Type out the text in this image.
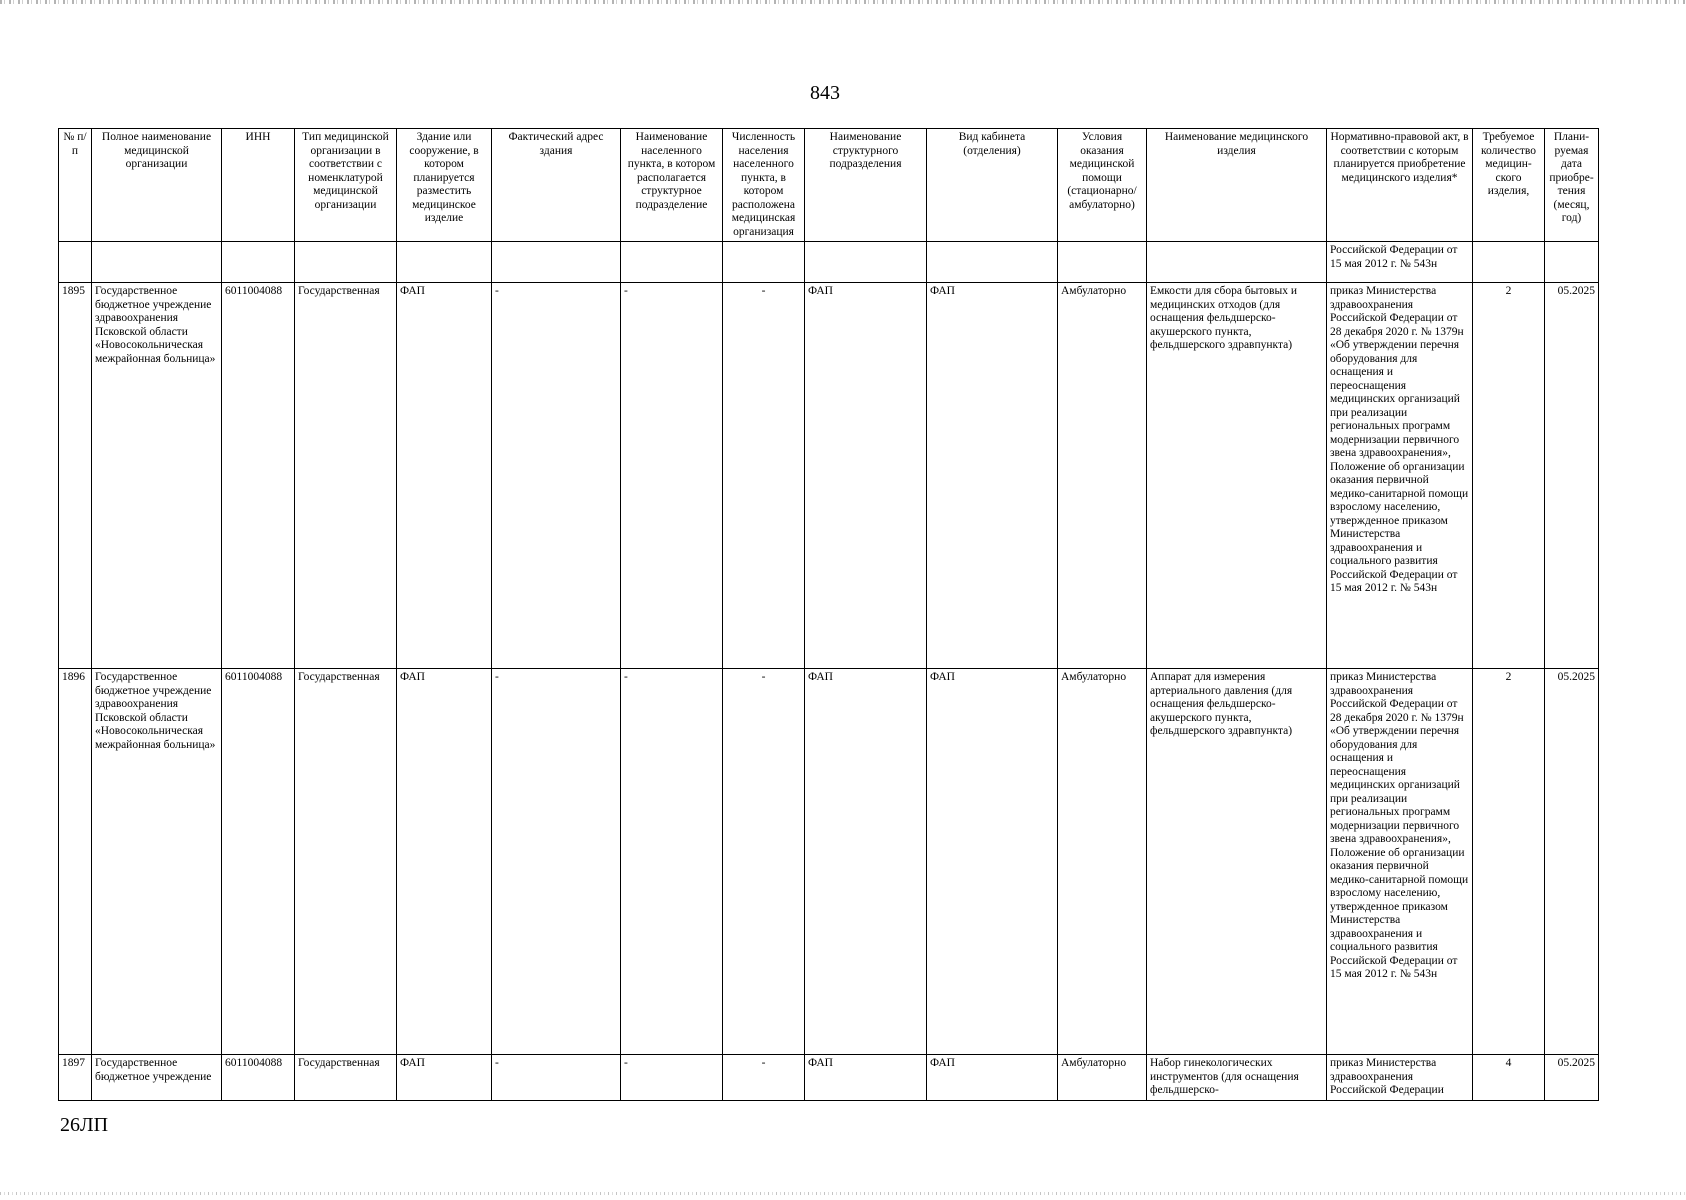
843
№ п/п	Полное наименование медицинской организации	ИНН	Тип медицинской организации в соответствии с номенклатурой медицинской организации	Здание или сооружение, в котором планируется разместить медицинское изделие	Фактический адрес здания	Наименование населенного пункта, в котором располагается структурное подразделение	Численность населения населенного пункта, в котором расположена медицинская организация	Наименование структурного подразделения	Вид кабинета (отделения)	Условия оказания медицинской помощи (стационарно/ амбулаторно)	Наименование медицинского изделия	Нормативно-правовой акт, в соответствии с которым планируется приобретение медицинского изделия*	Требуемое количество медицин-ского изделия,	Плани-руемая дата приобре-тения (месяц, год)
												Российской Федерации от 15 мая 2012 г. № 543н		
1895	Государственное бюджетное учреждение здравоохранения Псковской области «Новосокольническая межрайонная больница»	6011004088	Государственная	ФАП	-	-	-	ФАП	ФАП	Амбулаторно	Емкости для сбора бытовых и медицинских отходов (для оснащения фельдшерско-акушерского пункта, фельдшерского здравпункта)	приказ Министерства здравоохранения Российской Федерации от 28 декабря 2020 г. № 1379н «Об утверждении перечня оборудования для оснащения и переоснащения медицинских организаций при реализации региональных программ модернизации первичного звена здравоохранения», Положение об организации оказания первичной медико-санитарной помощи взрослому населению, утвержденное приказом Министерства здравоохранения и социального развития Российской Федерации от 15 мая 2012 г. № 543н	2	05.2025
1896	Государственное бюджетное учреждение здравоохранения Псковской области «Новосокольническая межрайонная больница»	6011004088	Государственная	ФАП	-	-	-	ФАП	ФАП	Амбулаторно	Аппарат для измерения артериального давления (для оснащения фельдшерско-акушерского пункта, фельдшерского здравпункта)	приказ Министерства здравоохранения Российской Федерации от 28 декабря 2020 г. № 1379н «Об утверждении перечня оборудования для оснащения и переоснащения медицинских организаций при реализации региональных программ модернизации первичного звена здравоохранения», Положение об организации оказания первичной медико-санитарной помощи взрослому населению, утвержденное приказом Министерства здравоохранения и социального развития Российской Федерации от 15 мая 2012 г. № 543н	2	05.2025
1897	Государственное бюджетное учреждение	6011004088	Государственная	ФАП	-	-	-	ФАП	ФАП	Амбулаторно	Набор гинекологических инструментов (для оснащения фельдшерско-	приказ Министерства здравоохранения Российской Федерации	4	05.2025
26ЛП
